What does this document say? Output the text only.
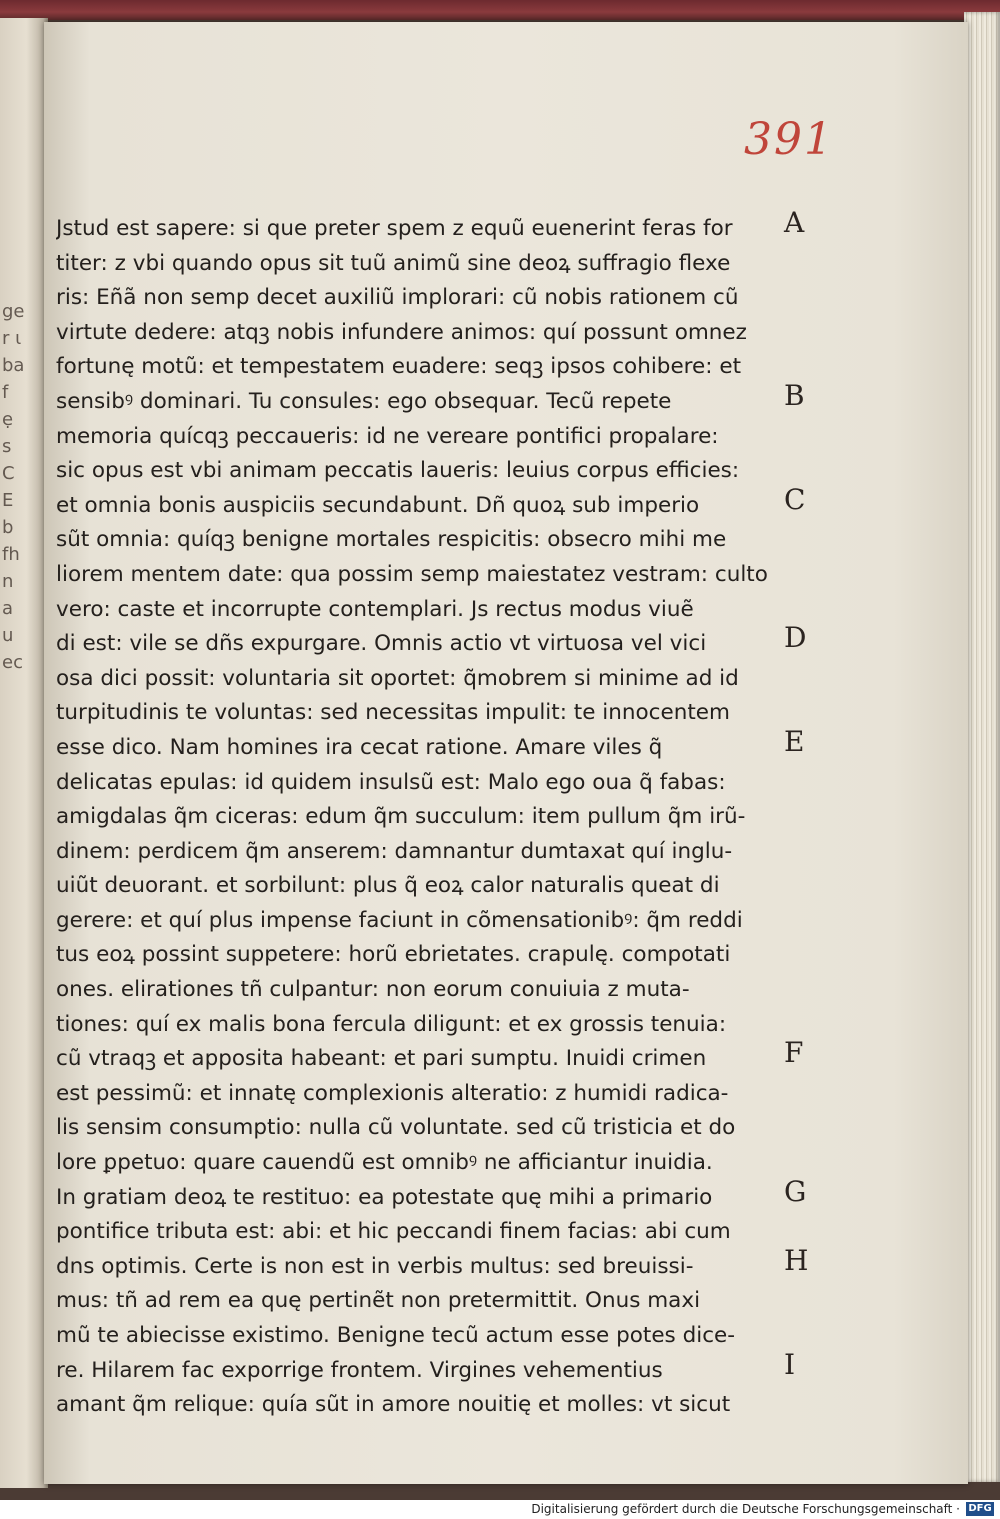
ge
r ɩ
ba
f
ẹ
s
C
E
b
fh
n
a
u
ec
391
Jstud est sapere: si que preter spem z equũ euenerint feras for
titer: z vbi quando opus sit tuũ animũ sine deoꝝ suffragio flexe
ris: Eñã non semp decet auxiliũ implorari: cũ nobis rationem cũ
virtute dedere: atqꝫ nobis infundere animos: quí possunt omnez
fortunę motũ: et tempestatem euadere: seqꝫ ipsos cohibere: et
sensibꝰ dominari. Tu consules: ego obsequar. Tecũ repete
memoria quícqꝫ peccaueris: id ne vereare pontifici propalare:
sic opus est vbi animam peccatis laueris: leuius corpus efficies:
et omnia bonis auspiciis secundabunt. Dñ quoꝝ sub imperio
sũt omnia: quíqꝫ benigne mortales respicitis: obsecro mihi me
liorem mentem date: qua possim semp maiestatez vestram: culto
vero: caste et incorrupte contemplari. Js rectus modus viuẽ
di est: vile se dñs expurgare. Omnis actio vt virtuosa vel vici
osa dici possit: voluntaria sit oportet: q̃mobrem si minime ad id
turpitudinis te voluntas: sed necessitas impulit: te innocentem
esse dico. Nam homines ira cecat ratione. Amare viles q̃
delicatas epulas: id quidem insulsũ est: Malo ego oua q̃ fabas:
amigdalas q̃m ciceras: edum q̃m succulum: item pullum q̃m irũ-
dinem: perdicem q̃m anserem: damnantur dumtaxat quí inglu-
uiũt deuorant. et sorbilunt: plus q̃ eoꝝ calor naturalis queat di
gerere: et quí plus impense faciunt in cõmensationibꝰ: q̃m reddi
tus eoꝝ possint suppetere: horũ ebrietates. crapulę. compotati
ones. elirationes tñ culpantur: non eorum conuiuia z muta-
tiones: quí ex malis bona fercula diligunt: et ex grossis tenuia:
cũ vtraqꝫ et apposita habeant: et pari sumptu. Inuidi crimen
est pessimũ: et innatę complexionis alteratio: z humidi radica-
lis sensim consumptio: nulla cũ voluntate. sed cũ tristicia et do
lore ꝑpetuo: quare cauendũ est omnibꝰ ne afficiantur inuidia.
In gratiam deoꝝ te restituo: ea potestate quę mihi a primario
pontifice tributa est: abi: et hic peccandi finem facias: abi cum
dns optimis. Certe is non est in verbis multus: sed breuissi-
mus: tñ ad rem ea quę pertinẽt non pretermittit. Onus maxi
mũ te abiecisse existimo. Benigne tecũ actum esse potes dice-
re. Hilarem fac exporrige frontem. Virgines vehementius
amant q̃m relique: quía sũt in amore nouitię et molles: vt sicut
A
B
C
D
E
F
G
H
I
Digitalisierung gefördert durch die Deutsche Forschungsgemeinschaft · DFG
